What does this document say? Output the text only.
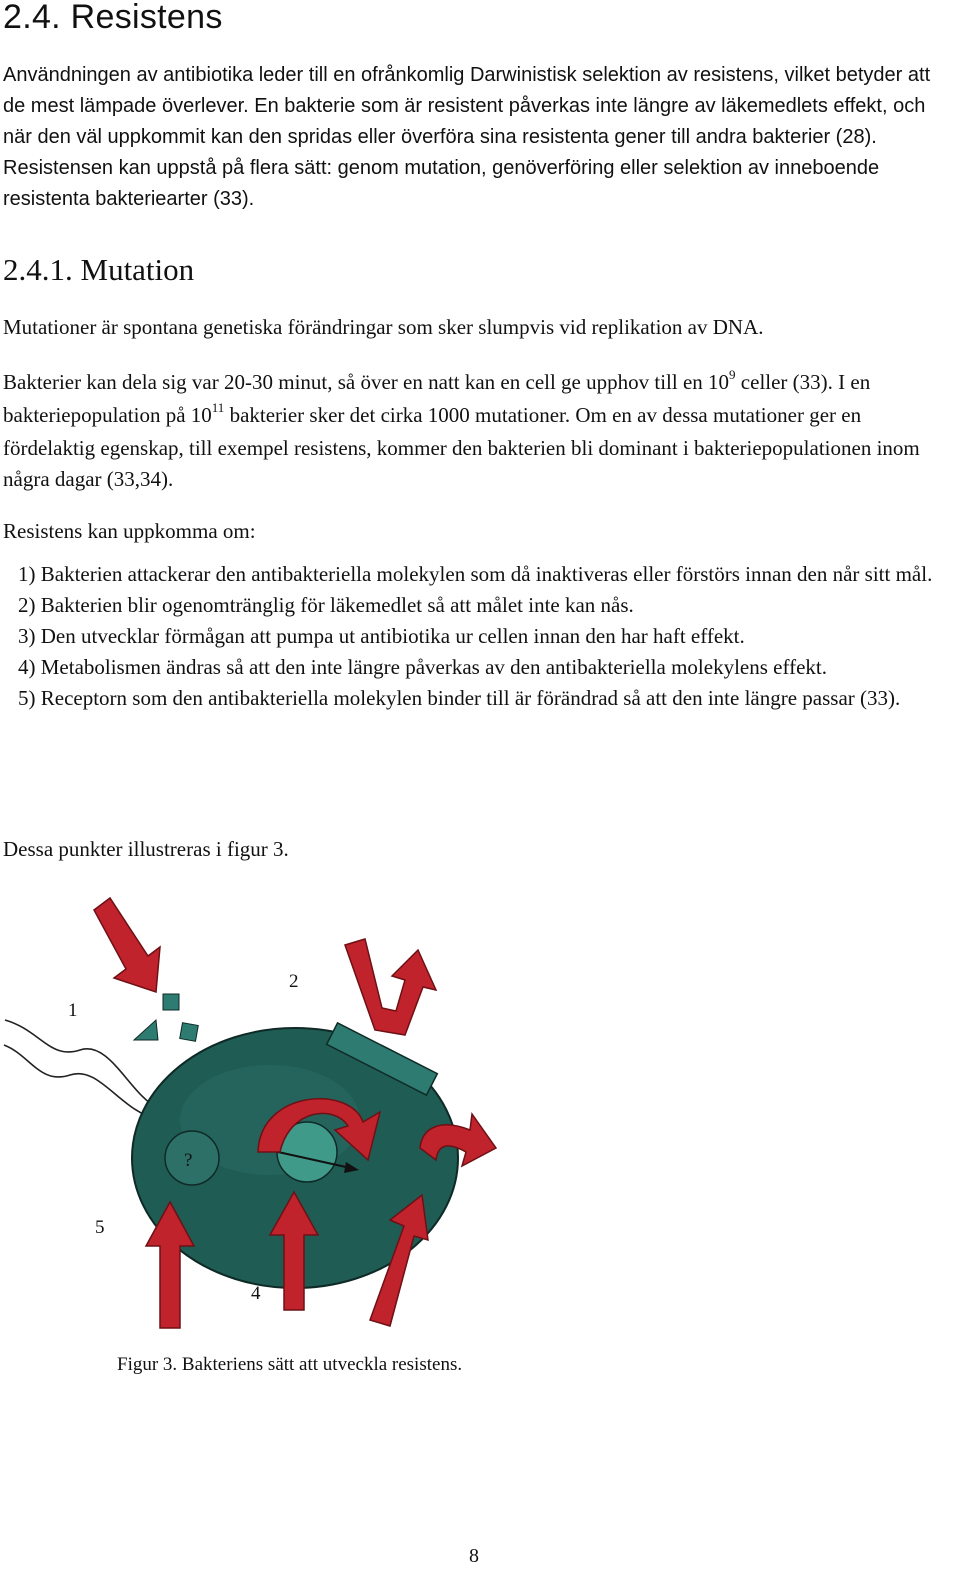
2.4. Resistens

Användningen av antibiotika leder till en ofrånkomlig Darwinistisk selektion av resistens, vilket betyder att de mest lämpade överlever. En bakterie som är resistent påverkas inte längre av läkemedlets effekt, och när den väl uppkommit kan den spridas eller överföra sina resistenta gener till andra bakterier (28). Resistensen kan uppstå på flera sätt: genom mutation, genöverföring eller selektion av inneboende resistenta bakteriearter (33).

2.4.1. Mutation

Mutationer är spontana genetiska förändringar som sker slumpvis vid replikation av DNA.

Bakterier kan dela sig var 20-30 minut, så över en natt kan en cell ge upphov till en $10^9$ celler (33). I en bakteriepopulation på $10^{11}$ bakterier sker det cirka 1000 mutationer. Om en av dessa mutationer ger en fördelaktig egenskap, till exempel resistens, kommer den bakterien bli dominant i bakteriepopulationen inom några dagar (33,34).

Resistens kan uppkomma om:

1) Bakterien attackerar den antibakteriella molekylen som då inaktiveras eller förstörs innan den når sitt mål.
2) Bakterien blir ogenomtränglig för läkemedlet så att målet inte kan nås.
3) Den utvecklar förmågan att pumpa ut antibiotika ur cellen innan den har haft effekt.
4) Metabolismen ändras så att den inte längre påverkas av den antibakteriella molekylens effekt.
5) Receptorn som den antibakteriella molekylen binder till är förändrad så att den inte längre passar (33).

Dessa punkter illustreras i figur 3.

1
2
4
5
?

Figur 3. Bakteriens sätt att utveckla resistens.

8
